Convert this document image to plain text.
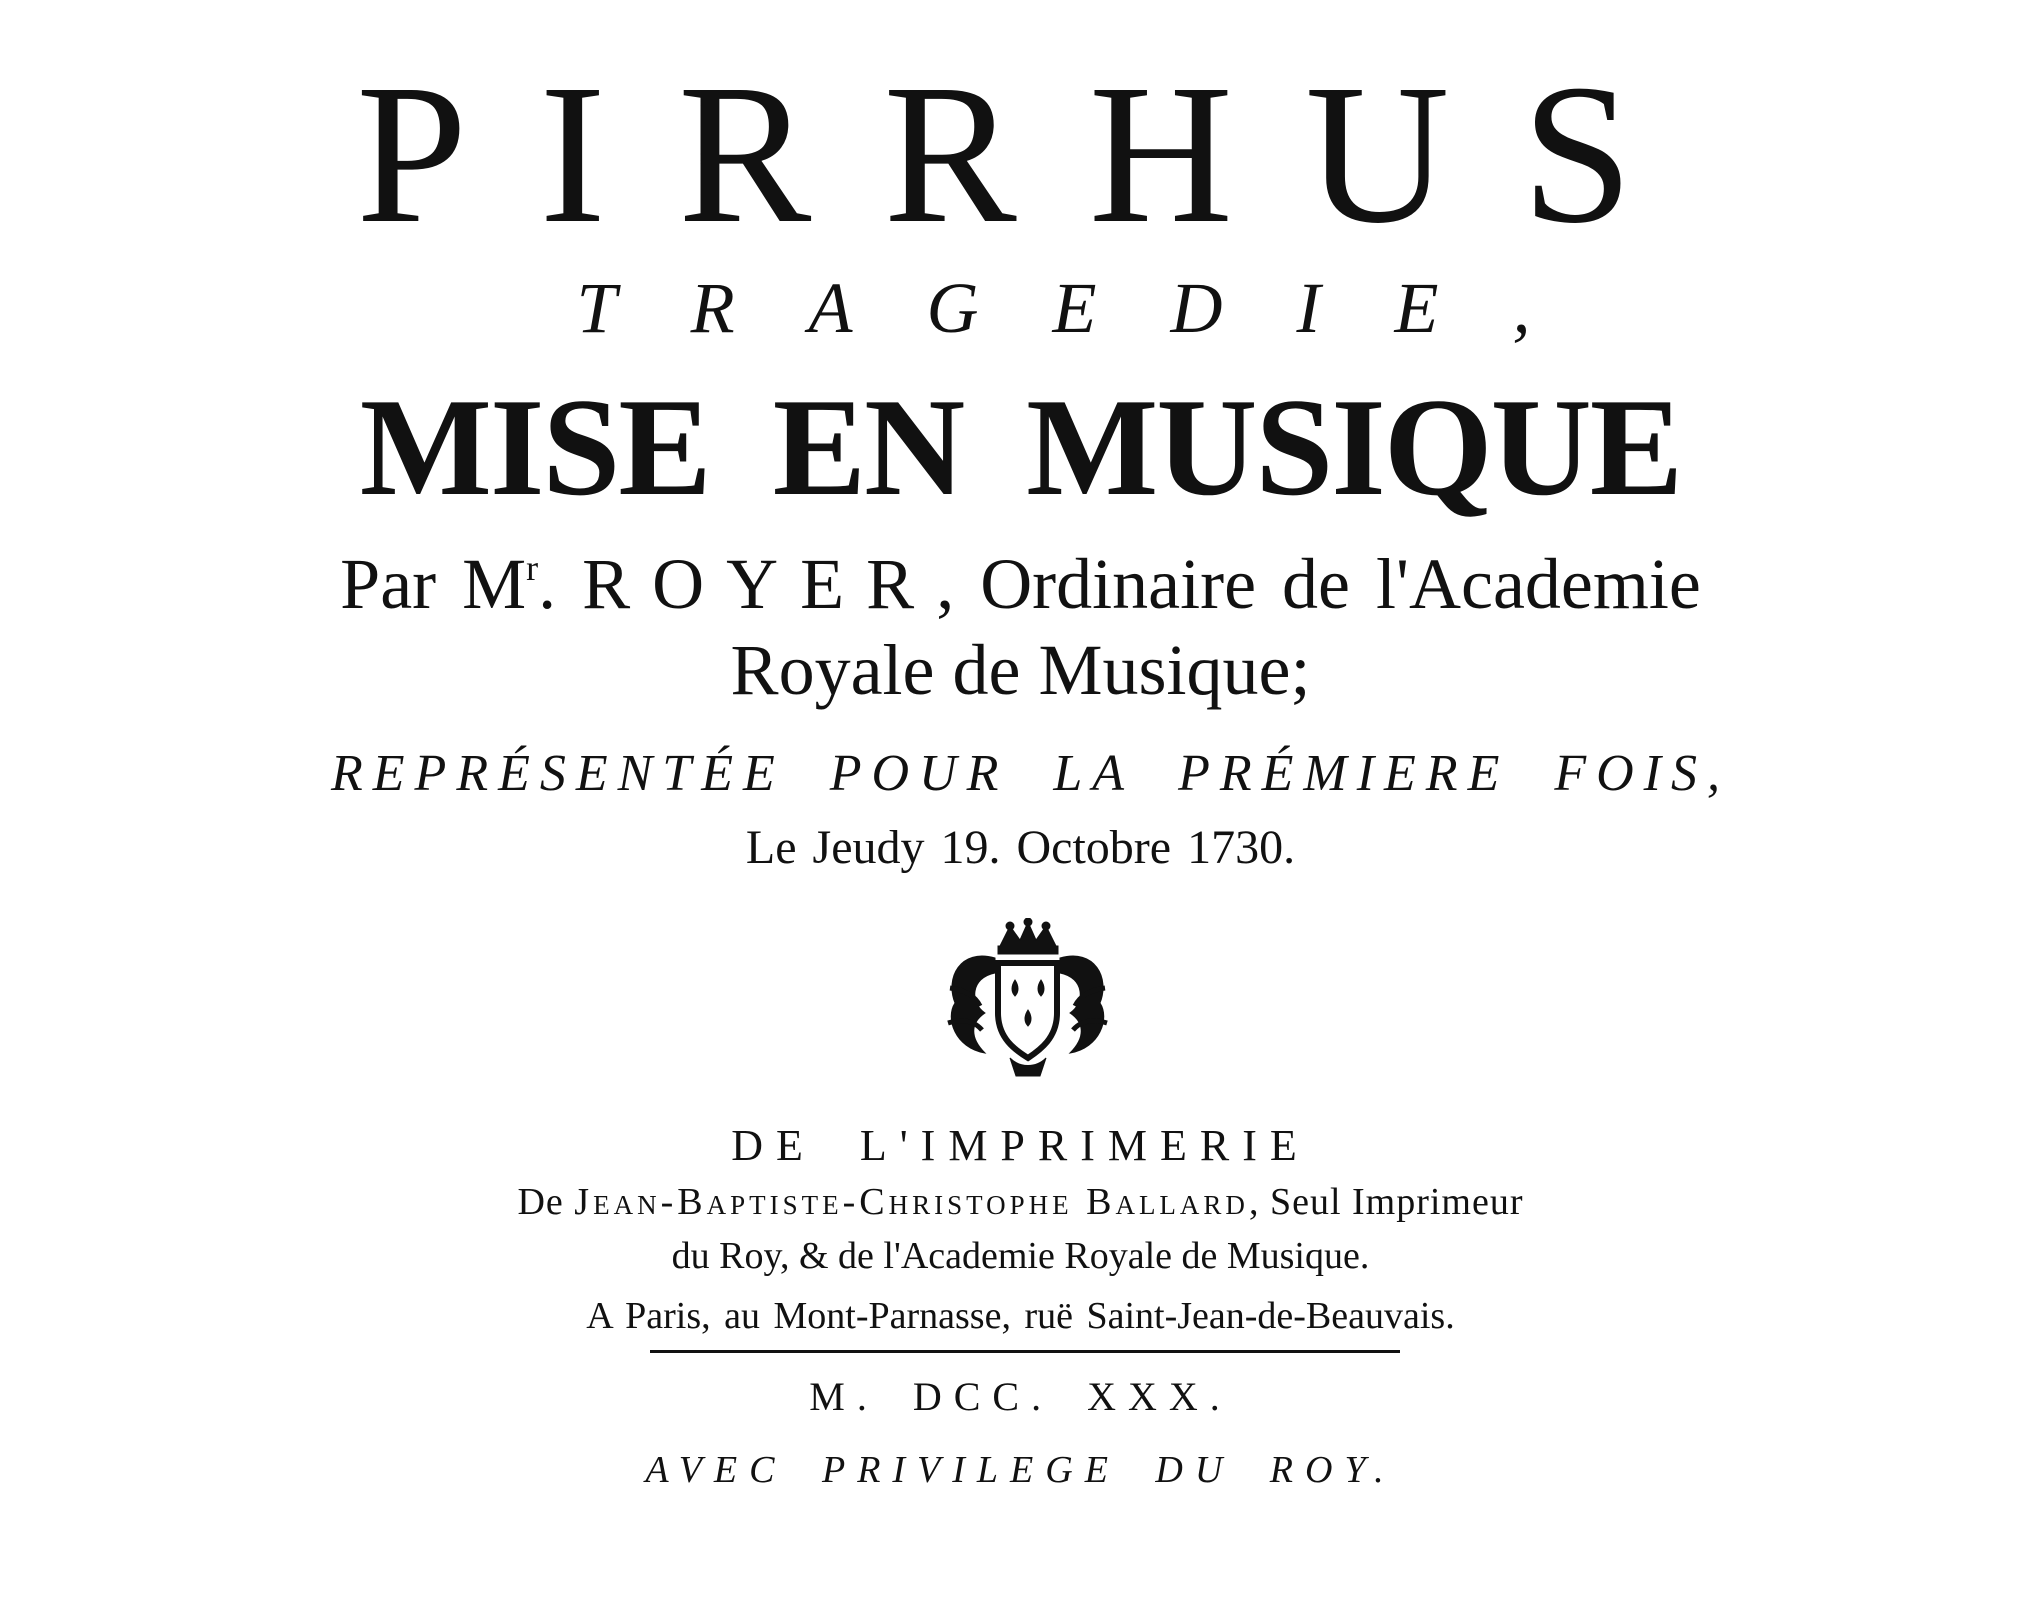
PIRRHUS
TRAGEDIE,
MISE EN MUSIQUE
Par $M^r$. ROYER, Ordinaire de l'Academie
Royale de Musique;
REPRÉSENTÉE POUR LA PRÉMIERE FOIS,
Le Jeudy 19. Octobre 1730.
DE L'IMPRIMERIE
De Jean-Baptiste-Christophe Ballard, Seul Imprimeur
du Roy, & de l'Academie Royale de Musique.
A Paris, au Mont-Parnasse, ruë Saint-Jean-de-Beauvais.
M. DCC. XXX.
AVEC PRIVILEGE DU ROY.
